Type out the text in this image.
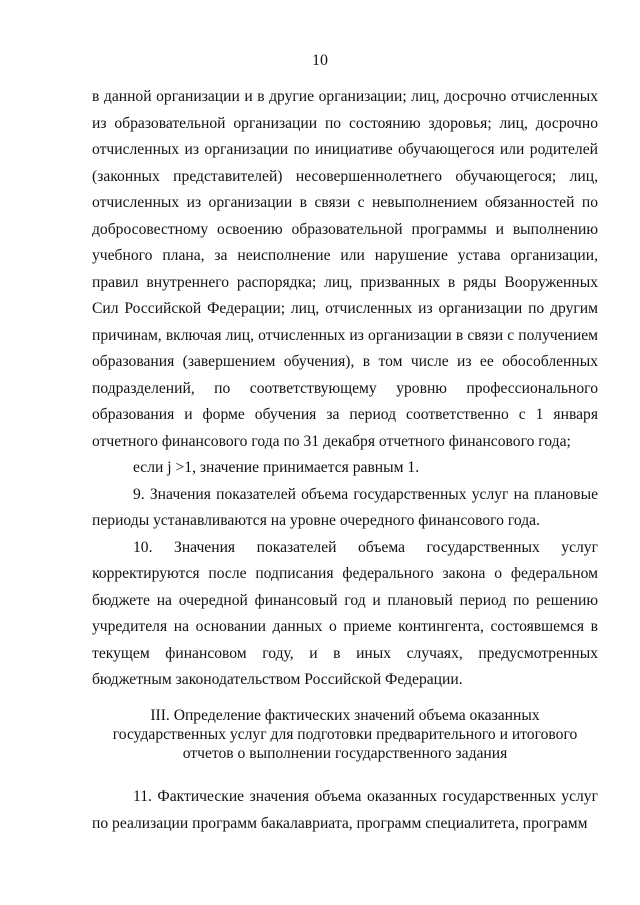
10

в данной организации и в другие организации; лиц, досрочно отчисленных из образовательной организации по состоянию здоровья; лиц, досрочно отчисленных из организации по инициативе обучающегося или родителей (законных представителей) несовершеннолетнего обучающегося; лиц, отчисленных из организации в связи с невыполнением обязанностей по добросовестному освоению образовательной программы и выполнению учебного плана, за неисполнение или нарушение устава организации, правил внутреннего распорядка; лиц, призванных в ряды Вооруженных Сил Российской Федерации; лиц, отчисленных из организации по другим причинам, включая лиц, отчисленных из организации в связи с получением образования (завершением обучения), в том числе из ее обособленных подразделений, по соответствующему уровню профессионального образования и форме обучения за период соответственно с 1 января отчетного финансового года по 31 декабря отчетного финансового года;

если j >1, значение принимается равным 1.

9. Значения показателей объема государственных услуг на плановые периоды устанавливаются на уровне очередного финансового года.

10. Значения показателей объема государственных услуг корректируются после подписания федерального закона о федеральном бюджете на очередной финансовый год и плановый период по решению учредителя на основании данных о приеме контингента, состоявшемся в текущем финансовом году, и в иных случаях, предусмотренных бюджетным законодательством Российской Федерации.

III. Определение фактических значений объема оказанных государственных услуг для подготовки предварительного и итогового отчетов о выполнении государственного задания

11. Фактические значения объема оказанных государственных услуг по реализации программ бакалавриата, программ специалитета, программ
